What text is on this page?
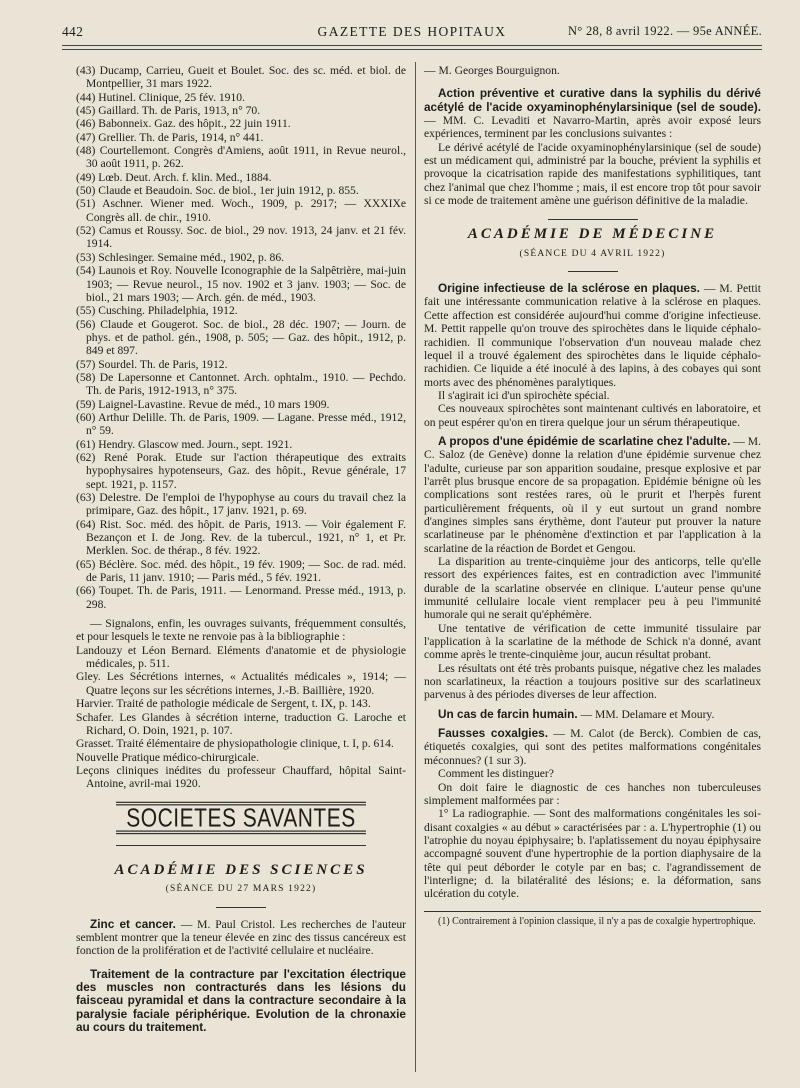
442	GAZETTE DES HOPITAUX	N° 28, 8 avril 1922. — 95e ANNÉE.

(43) Ducamp, Carrieu, Gueit et Boulet. Soc. des sc. méd. et biol. de Montpellier, 31 mars 1922.

(44) Hutinel. Clinique, 25 fév. 1910.

(45) Gaillard. Th. de Paris, 1913, n° 70.

(46) Babonneix. Gaz. des hôpit., 22 juin 1911.

(47) Grellier. Th. de Paris, 1914, n° 441.

(48) Courtellemont. Congrès d'Amiens, août 1911, in Revue neurol., 30 août 1911, p. 262.

(49) Lœb. Deut. Arch. f. klin. Med., 1884.

(50) Claude et Beaudoin. Soc. de biol., 1er juin 1912, p. 855.

(51) Aschner. Wiener med. Woch., 1909, p. 2917; — XXXIXe Congrès all. de chir., 1910.

(52) Camus et Roussy. Soc. de biol., 29 nov. 1913, 24 janv. et 21 fév. 1914.

(53) Schlesinger. Semaine méd., 1902, p. 86.

(54) Launois et Roy. Nouvelle Iconographie de la Salpêtrière, mai-juin 1903; — Revue neurol., 15 nov. 1902 et 3 janv. 1903; — Soc. de biol., 21 mars 1903; — Arch. gén. de méd., 1903.

(55) Cusching. Philadelphia, 1912.

(56) Claude et Gougerot. Soc. de biol., 28 déc. 1907; — Journ. de phys. et de pathol. gén., 1908, p. 505; — Gaz. des hôpit., 1912, p. 849 et 897.

(57) Sourdel. Th. de Paris, 1912.

(58) De Lapersonne et Cantonnet. Arch. ophtalm., 1910. — Pechdo. Th. de Paris, 1912-1913, n° 375.

(59) Laignel-Lavastine. Revue de méd., 10 mars 1909.

(60) Arthur Delille. Th. de Paris, 1909. — Lagane. Presse méd., 1912, n° 59.

(61) Hendry. Glascow med. Journ., sept. 1921.

(62) René Porak. Etude sur l'action thérapeutique des extraits hypophysaires hypotenseurs, Gaz. des hôpit., Revue générale, 17 sept. 1921, p. 1157.

(63) Delestre. De l'emploi de l'hypophyse au cours du travail chez la primipare, Gaz. des hôpit., 17 janv. 1921, p. 69.

(64) Rist. Soc. méd. des hôpit. de Paris, 1913. — Voir également F. Bezançon et I. de Jong. Rev. de la tubercul., 1921, n° 1, et Pr. Merklen. Soc. de thérap., 8 fév. 1922.

(65) Béclère. Soc. méd. des hôpit., 19 fév. 1909; — Soc. de rad. méd. de Paris, 11 janv. 1910; — Paris méd., 5 fév. 1921.

(66) Toupet. Th. de Paris, 1911. — Lenormand. Presse méd., 1913, p. 298.

— Signalons, enfin, les ouvrages suivants, fréquemment consultés, et pour lesquels le texte ne renvoie pas à la bibliographie :

Landouzy et Léon Bernard. Eléments d'anatomie et de physiologie médicales, p. 511.

Gley. Les Sécrétions internes, « Actualités médicales », 1914; — Quatre leçons sur les sécrétions internes, J.-B. Baillière, 1920.

Harvier. Traité de pathologie médicale de Sergent, t. IX, p. 143.

Schafer. Les Glandes à sécrétion interne, traduction G. Laroche et Richard, O. Doin, 1921, p. 107.

Grasset. Traité élémentaire de physiopathologie clinique, t. I, p. 614.

Nouvelle Pratique médico-chirurgicale.

Leçons cliniques inédites du professeur Chauffard, hôpital Saint-Antoine, avril-mai 1920.

SOCIETES SAVANTES
ACADÉMIE DES SCIENCES
(SÉANCE DU 27 MARS 1922)

Zinc et cancer. — M. Paul Cristol. Les recherches de l'auteur semblent montrer que la teneur élevée en zinc des tissus cancéreux est fonction de la prolifération et de l'activité cellulaire et nucléaire.

Traitement de la contracture par l'excitation électrique des muscles non contracturés dans les lésions du faisceau pyramidal et dans la contracture secondaire à la paralysie faciale périphérique. Evolution de la chronaxie au cours du traitement.

— M. Georges Bourguignon.

Action préventive et curative dans la syphilis du dérivé acétylé de l'acide oxyaminophénylarsinique (sel de soude). — MM. C. Levaditi et Navarro-Martin, après avoir exposé leurs expériences, terminent par les conclusions suivantes :

Le dérivé acétylé de l'acide oxyaminophénylarsinique (sel de soude) est un médicament qui, administré par la bouche, prévient la syphilis et provoque la cicatrisation rapide des manifestations syphilitiques, tant chez l'animal que chez l'homme ; mais, il est encore trop tôt pour savoir si ce mode de traitement amène une guérison définitive de la maladie.

ACADÉMIE DE MÉDECINE
(SÉANCE DU 4 AVRIL 1922)

Origine infectieuse de la sclérose en plaques. — M. Pettit fait une intéressante communication relative à la sclérose en plaques. Cette affection est considérée aujourd'hui comme d'origine infectieuse. M. Pettit rappelle qu'on trouve des spirochètes dans le liquide céphalo-rachidien. Il communique l'observation d'un nouveau malade chez lequel il a trouvé également des spirochètes dans le liquide céphalo-rachidien. Ce liquide a été inoculé à des lapins, à des cobayes qui sont morts avec des phénomènes paralytiques.

Il s'agirait ici d'un spirochète spécial.

Ces nouveaux spirochètes sont maintenant cultivés en laboratoire, et on peut espérer qu'on en tirera quelque jour un sérum thérapeutique.

A propos d'une épidémie de scarlatine chez l'adulte. — M. C. Saloz (de Genève) donne la relation d'une épidémie survenue chez l'adulte, curieuse par son apparition soudaine, presque explosive et par l'arrêt plus brusque encore de sa propagation. Epidémie bénigne où les complications sont restées rares, où le prurit et l'herpès furent particulièrement fréquents, où il y eut surtout un grand nombre d'angines simples sans érythème, dont l'auteur put prouver la nature scarlatineuse par le phénomène d'extinction et par l'application à la scarlatine de la réaction de Bordet et Gengou.

La disparition au trente-cinquième jour des anticorps, telle qu'elle ressort des expériences faites, est en contradiction avec l'immunité durable de la scarlatine observée en clinique. L'auteur pense qu'une immunité cellulaire locale vient remplacer peu à peu l'immunité humorale qui ne serait qu'éphémère.

Une tentative de vérification de cette immunité tissulaire par l'application à la scarlatine de la méthode de Schick n'a donné, avant comme après le trente-cinquième jour, aucun résultat probant.

Les résultats ont été très probants puisque, négative chez les malades non scarlatineux, la réaction a toujours positive sur des scarlatineux parvenus à des périodes diverses de leur affection.

Un cas de farcin humain. — MM. Delamare et Moury.

Fausses coxalgies. — M. Calot (de Berck). Combien de cas, étiquetés coxalgies, qui sont des petites malformations congénitales méconnues? (1 sur 3).

Comment les distinguer?

On doit faire le diagnostic de ces hanches non tuberculeuses simplement malformées par :

1° La radiographie. — Sont des malformations congénitales les soi-disant coxalgies « au début » caractérisées par : a. L'hypertrophie (1) ou l'atrophie du noyau épiphysaire; b. l'aplatissement du noyau épiphysaire accompagné souvent d'une hypertrophie de la portion diaphysaire de la tête qui peut déborder le cotyle par en bas; c. l'agrandissement de l'interligne; d. la bilatéralité des lésions; e. la déformation, sans ulcération du cotyle.

(1) Contrairement à l'opinion classique, il n'y a pas de coxalgie hypertrophique.
